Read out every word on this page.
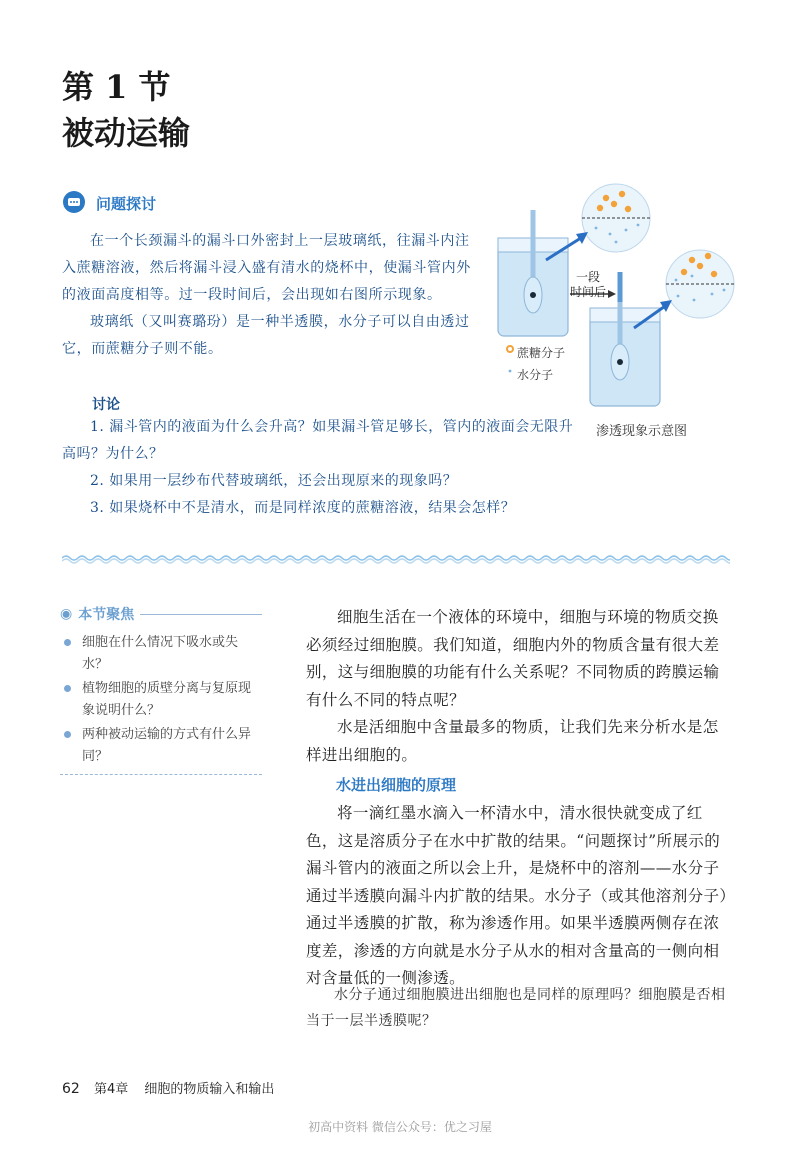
第 1 节
被动运输
问题探讨

在一个长颈漏斗的漏斗口外密封上一层玻璃纸，往漏斗内注入蔗糖溶液，然后将漏斗浸入盛有清水的烧杯中，使漏斗管内外的液面高度相等。过一段时间后，会出现如右图所示现象。

玻璃纸（又叫赛璐玢）是一种半透膜，水分子可以自由透过它，而蔗糖分子则不能。

讨论

1. 漏斗管内的液面为什么会升高？如果漏斗管足够长，管内的液面会无限升高吗？为什么？

2. 如果用一层纱布代替玻璃纸，还会出现原来的现象吗？

3. 如果烧杯中不是清水，而是同样浓度的蔗糖溶液，结果会怎样？

一段
时间后
蔗糖分子
水分子
渗透现象示意图
◉ 本节聚焦
细胞在什么情况下吸水或失水？
植物细胞的质壁分离与复原现象说明什么？
两种被动运输的方式有什么异同？

细胞生活在一个液体的环境中，细胞与环境的物质交换必须经过细胞膜。我们知道，细胞内外的物质含量有很大差别，这与细胞膜的功能有什么关系呢？不同物质的跨膜运输有什么不同的特点呢？

水是活细胞中含量最多的物质，让我们先来分析水是怎样进出细胞的。

水进出细胞的原理

将一滴红墨水滴入一杯清水中，清水很快就变成了红色，这是溶质分子在水中扩散的结果。“问题探讨”所展示的漏斗管内的液面之所以会上升，是烧杯中的溶剂——水分子通过半透膜向漏斗内扩散的结果。水分子（或其他溶剂分子）通过半透膜的扩散，称为渗透作用。如果半透膜两侧存在浓度差，渗透的方向就是水分子从水的相对含量高的一侧向相对含量低的一侧渗透。

水分子通过细胞膜进出细胞也是同样的原理吗？细胞膜是否相当于一层半透膜呢？

62 第4章 细胞的物质输入和输出
初高中资料 微信公众号：优之习屋
